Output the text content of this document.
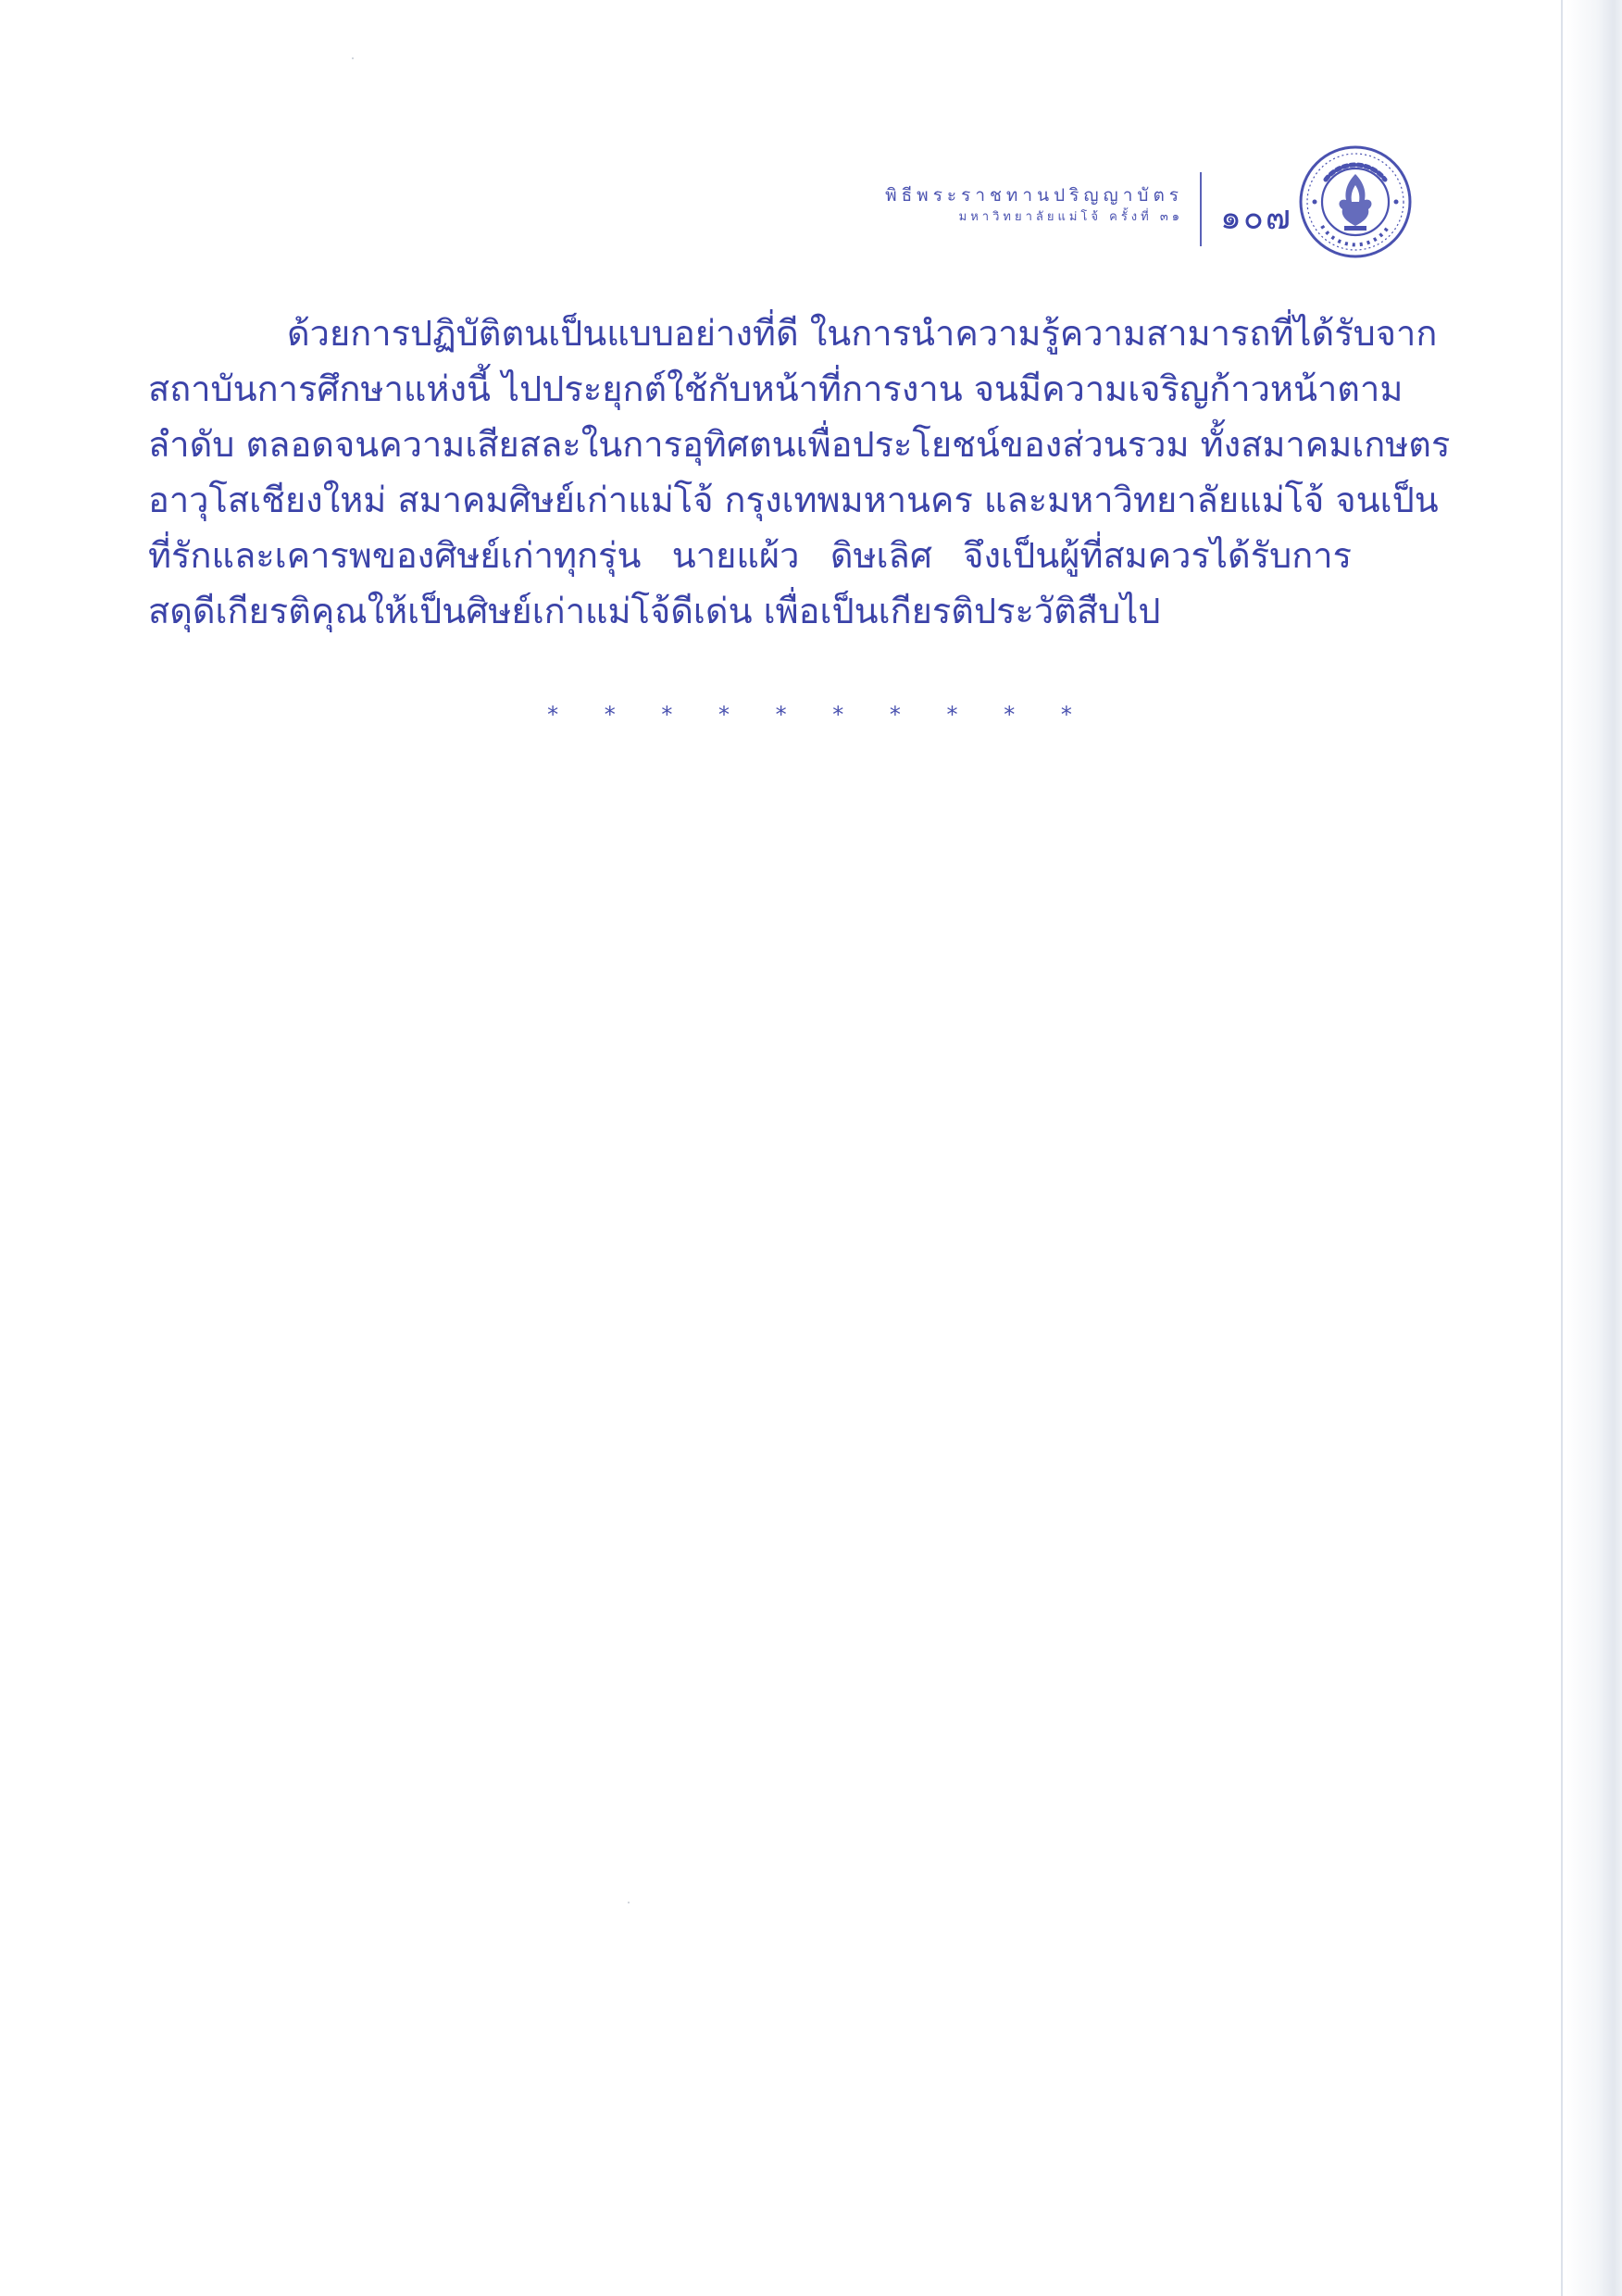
พิธีพระราชทานปริญญาบัตร
มหาวิทยาลัยแม่โจ้ ครั้งที่ ๓๑ ๑๐๗
ด้วยการปฏิบัติตนเป็นแบบอย่างที่ดี ในการนำความรู้ความสามารถที่ได้รับจาก
สถาบันการศึกษาแห่งนี้ ไปประยุกต์ใช้กับหน้าที่การงาน จนมีความเจริญก้าวหน้าตาม
ลำดับ ตลอดจนความเสียสละในการอุทิศตนเพื่อประโยชน์ของส่วนรวม ทั้งสมาคมเกษตร
อาวุโสเชียงใหม่ สมาคมศิษย์เก่าแม่โจ้ กรุงเทพมหานคร และมหาวิทยาลัยแม่โจ้ จนเป็น
ที่รักและเคารพของศิษย์เก่าทุกรุ่น นายแผ้ว ดิษเลิศ จึงเป็นผู้ที่สมควรได้รับการ
สดุดีเกียรติคุณให้เป็นศิษย์เก่าแม่โจ้ดีเด่น เพื่อเป็นเกียรติประวัติสืบไป
* * * * * * * * * *
